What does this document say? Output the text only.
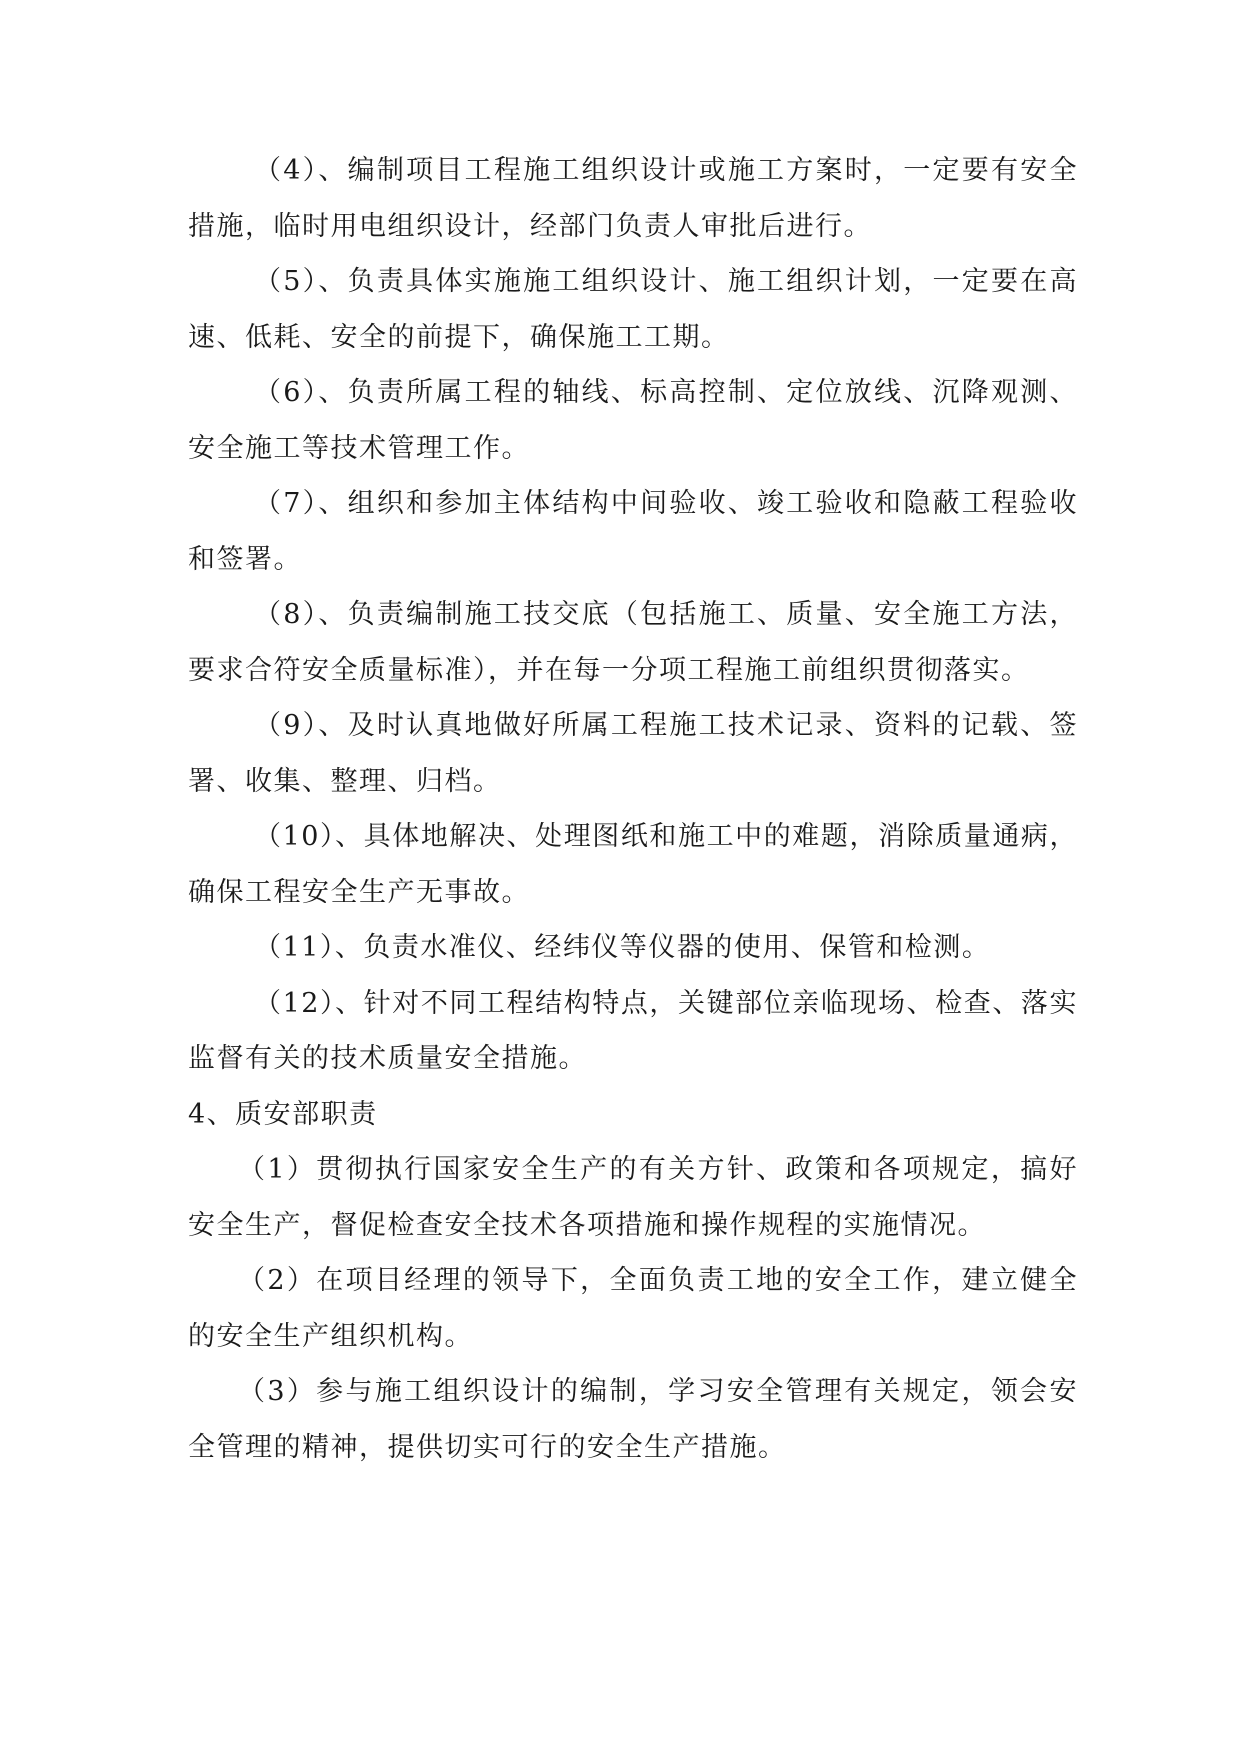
（4）、编制项目工程施工组织设计或施工方案时，一定要有安全措施，临时用电组织设计，经部门负责人审批后进行。

（5）、负责具体实施施工组织设计、施工组织计划，一定要在高速、低耗、安全的前提下，确保施工工期。

（6）、负责所属工程的轴线、标高控制、定位放线、沉降观测、安全施工等技术管理工作。

（7）、组织和参加主体结构中间验收、竣工验收和隐蔽工程验收和签署。

（8）、负责编制施工技交底（包括施工、质量、安全施工方法，要求合符安全质量标准），并在每一分项工程施工前组织贯彻落实。

（9）、及时认真地做好所属工程施工技术记录、资料的记载、签署、收集、整理、归档。

（10）、具体地解决、处理图纸和施工中的难题，消除质量通病，确保工程安全生产无事故。

（11）、负责水准仪、经纬仪等仪器的使用、保管和检测。

（12）、针对不同工程结构特点，关键部位亲临现场、检查、落实监督有关的技术质量安全措施。

4、质安部职责

（1）贯彻执行国家安全生产的有关方针、政策和各项规定，搞好安全生产，督促检查安全技术各项措施和操作规程的实施情况。

（2）在项目经理的领导下，全面负责工地的安全工作，建立健全的安全生产组织机构。

（3）参与施工组织设计的编制，学习安全管理有关规定，领会安全管理的精神，提供切实可行的安全生产措施。
